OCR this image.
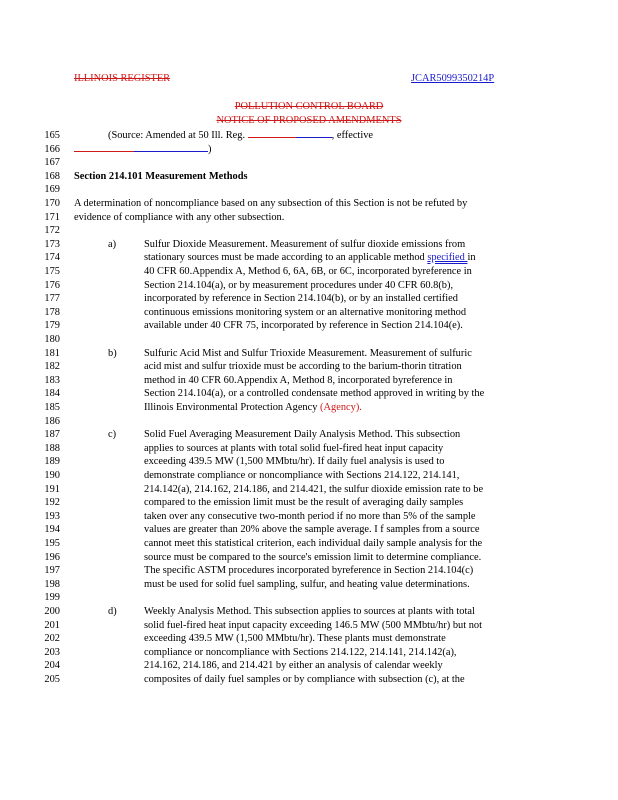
ILLINOIS REGISTER	JCAR5099350214P
POLLUTION CONTROL BOARD
NOTICE OF PROPOSED AMENDMENTS
165
166
167
168
169
170
171
172
173
174
175
176
177
178
179
180
181
182
183
184
185
186
187
188
189
190
191
192
193
194
195
196
197
198
199
200
201
202
203
204
205
(Source: Amended at 50 Ill. Reg.	, effective
)
Section 214.101 Measurement Methods
A determination of noncompliance based on any subsection of this Section is not be refuted by
evidence of compliance with any other subsection.
a)	Sulfur Dioxide Measurement. Measurement of sulfur dioxide emissions from
stationary sources must be made according to an applicable method specified in
40 CFR 60.Appendix A, Method 6, 6A, 6B, or 6C, incorporated byreference in
Section 214.104(a), or by measurement procedures under 40 CFR 60.8(b),
incorporated by reference in Section 214.104(b), or by an installed certified
continuous emissions monitoring system or an alternative monitoring method
available under 40 CFR 75, incorporated by reference in Section 214.104(e).
b)	Sulfuric Acid Mist and Sulfur Trioxide Measurement. Measurement of sulfuric
acid mist and sulfur trioxide must be according to the barium-thorin titration
method in 40 CFR 60.Appendix A, Method 8, incorporated byreference in
Section 214.104(a), or a controlled condensate method approved in writing by the
Illinois Environmental Protection Agency (Agency).
c)	Solid Fuel Averaging Measurement Daily Analysis Method. This subsection
applies to sources at plants with total solid fuel-fired heat input capacity
exceeding 439.5 MW (1,500 MMbtu/hr). If daily fuel analysis is used to
demonstrate compliance or noncompliance with Sections 214.122, 214.141,
214.142(a), 214.162, 214.186, and 214.421, the sulfur dioxide emission rate to be
compared to the emission limit must be the result of averaging daily samples
taken over any consecutive two-month period if no more than 5% of the sample
values are greater than 20% above the sample average. I f samples from a source
cannot meet this statistical criterion, each individual daily sample analysis for the
source must be compared to the source's emission limit to determine compliance.
The specific ASTM procedures incorporated byreference in Section 214.104(c)
must be used for solid fuel sampling, sulfur, and heating value determinations.
d)	Weekly Analysis Method. This subsection applies to sources at plants with total
solid fuel-fired heat input capacity exceeding 146.5 MW (500 MMbtu/hr) but not
exceeding 439.5 MW (1,500 MMbtu/hr). These plants must demonstrate
compliance or noncompliance with Sections 214.122, 214.141, 214.142(a),
214.162, 214.186, and 214.421 by either an analysis of calendar weekly
composites of daily fuel samples or by compliance with subsection (c), at the
